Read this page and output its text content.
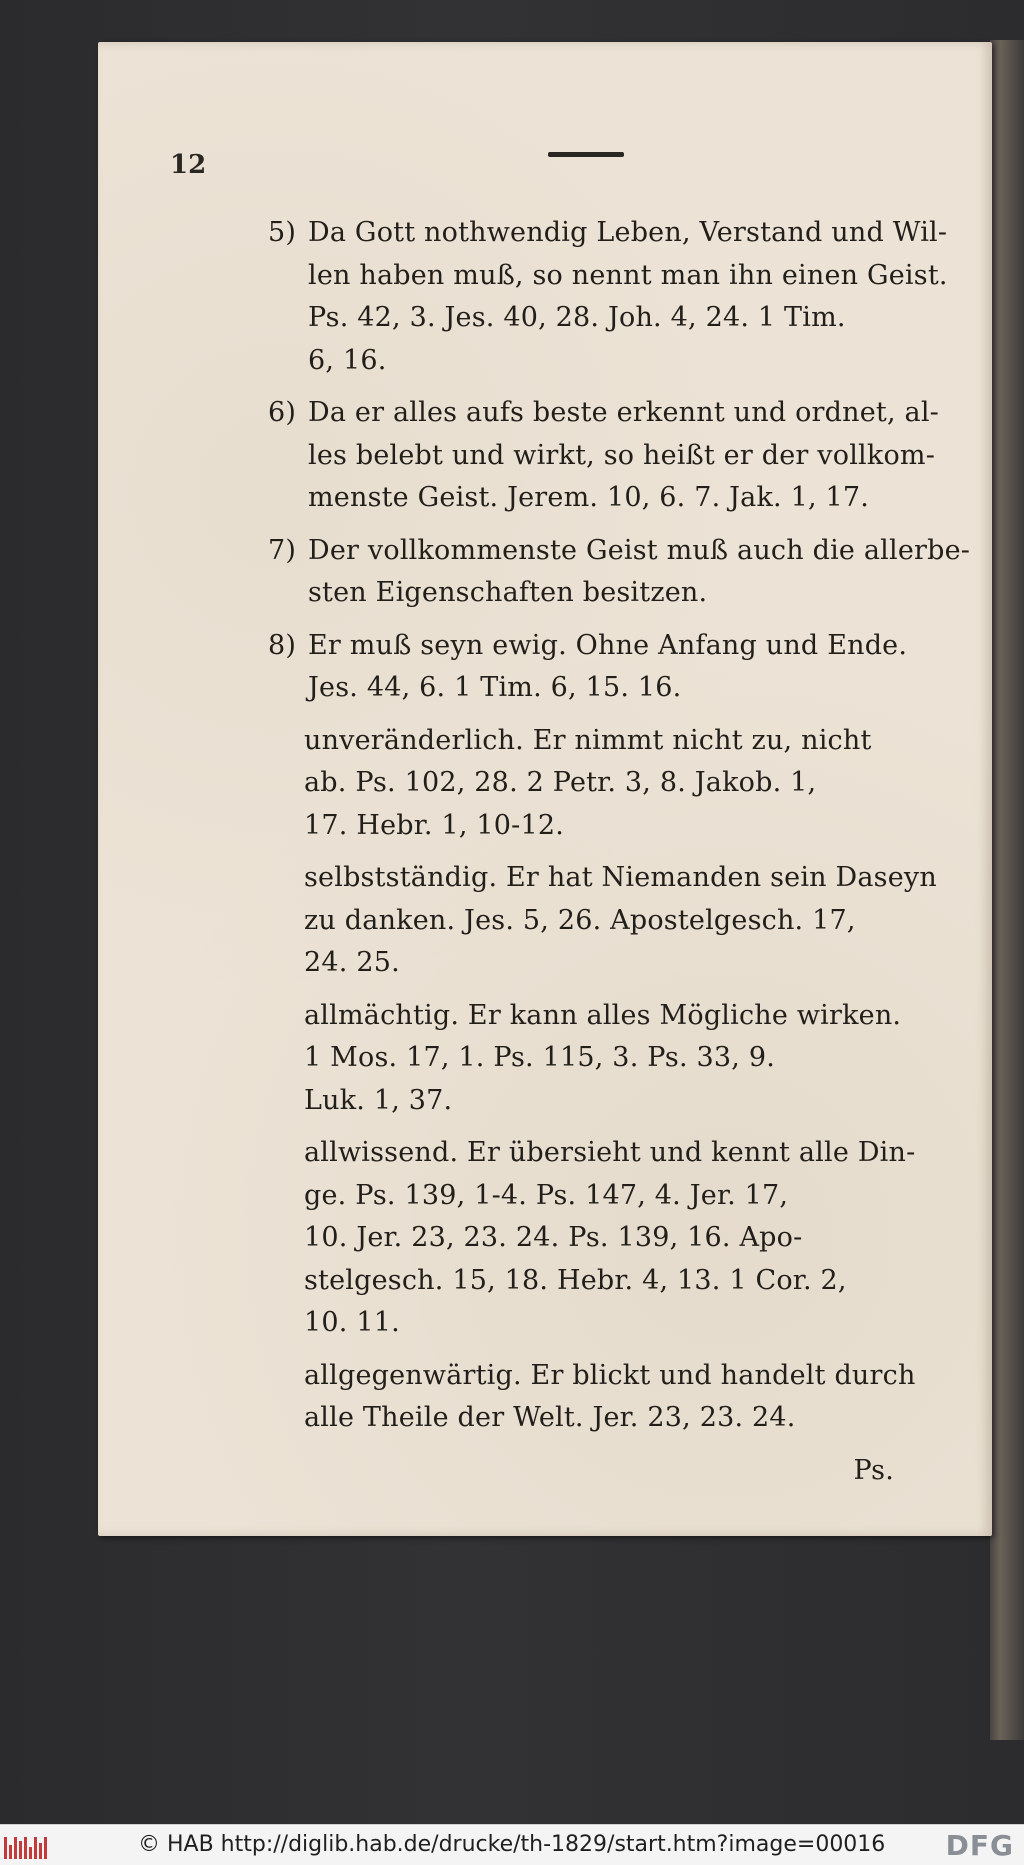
12
5) Da Gott nothwendig Leben, Verstand und Wil-
len haben muß, so nennt man ihn einen Geist.
Ps. 42, 3. Jes. 40, 28. Joh. 4, 24. 1 Tim.
6, 16.
6) Da er alles aufs beste erkennt und ordnet, al-
les belebt und wirkt, so heißt er der vollkom-
menste Geist. Jerem. 10, 6. 7. Jak. 1, 17.
7) Der vollkommenste Geist muß auch die allerbe-
sten Eigenschaften besitzen.
8) Er muß seyn ewig. Ohne Anfang und Ende.
Jes. 44, 6. 1 Tim. 6, 15. 16.
unveränderlich. Er nimmt nicht zu, nicht
ab. Ps. 102, 28. 2 Petr. 3, 8. Jakob. 1,
17. Hebr. 1, 10-12.
selbstständig. Er hat Niemanden sein Daseyn
zu danken. Jes. 5, 26. Apostelgesch. 17,
24. 25.
allmächtig. Er kann alles Mögliche wirken.
1 Mos. 17, 1. Ps. 115, 3. Ps. 33, 9.
Luk. 1, 37.
allwissend. Er übersieht und kennt alle Din-
ge. Ps. 139, 1-4. Ps. 147, 4. Jer. 17,
10. Jer. 23, 23. 24. Ps. 139, 16. Apo-
stelgesch. 15, 18. Hebr. 4, 13. 1 Cor. 2,
10. 11.
allgegenwärtig. Er blickt und handelt durch
alle Theile der Welt. Jer. 23, 23. 24.
Ps.
© HAB http://diglib.hab.de/drucke/th-1829/start.htm?image=00016 DFG
